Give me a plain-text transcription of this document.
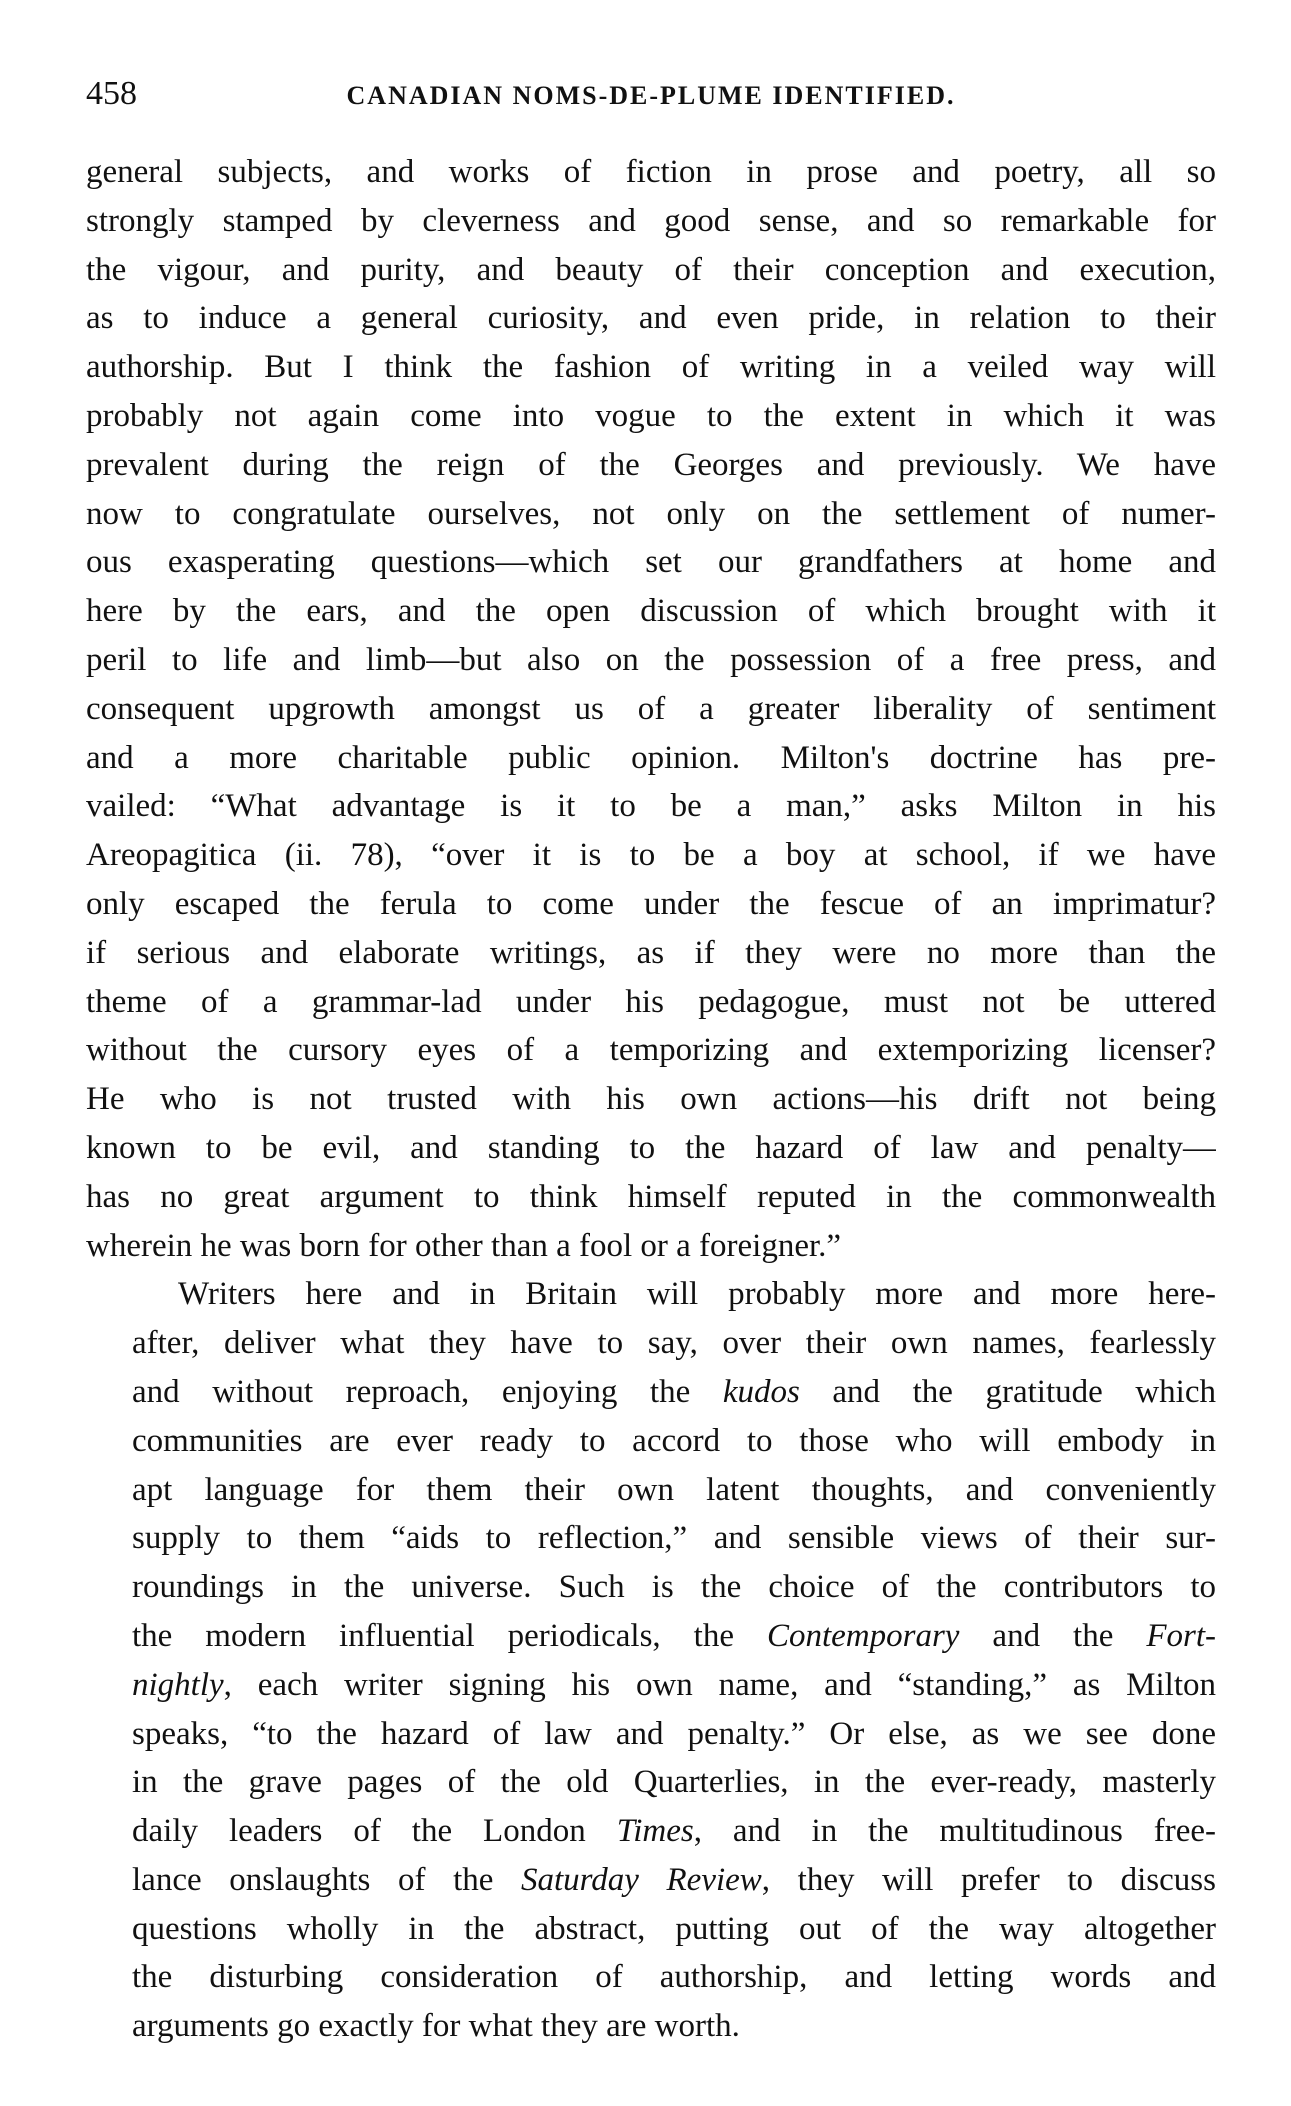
458	CANADIAN NOMS-DE-PLUME IDENTIFIED.
general subjects, and works of fiction in prose and poetry, all so
strongly stamped by cleverness and good sense, and so remarkable for
the vigour, and purity, and beauty of their conception and execution,
as to induce a general curiosity, and even pride, in relation to their
authorship. But I think the fashion of writing in a veiled way will
probably not again come into vogue to the extent in which it was
prevalent during the reign of the Georges and previously. We have
now to congratulate ourselves, not only on the settlement of numer-
ous exasperating questions—which set our grandfathers at home and
here by the ears, and the open discussion of which brought with it
peril to life and limb—but also on the possession of a free press, and
consequent upgrowth amongst us of a greater liberality of sentiment
and a more charitable public opinion. Milton's doctrine has pre-
vailed: “What advantage is it to be a man,” asks Milton in his
Areopagitica (ii. 78), “over it is to be a boy at school, if we have
only escaped the ferula to come under the fescue of an imprimatur?
if serious and elaborate writings, as if they were no more than the
theme of a grammar-lad under his pedagogue, must not be uttered
without the cursory eyes of a temporizing and extemporizing licenser?
He who is not trusted with his own actions—his drift not being
known to be evil, and standing to the hazard of law and penalty—
has no great argument to think himself reputed in the commonwealth
wherein he was born for other than a fool or a foreigner.”
Writers here and in Britain will probably more and more here-
after, deliver what they have to say, over their own names, fearlessly
and without reproach, enjoying the kudos and the gratitude which
communities are ever ready to accord to those who will embody in
apt language for them their own latent thoughts, and conveniently
supply to them “aids to reflection,” and sensible views of their sur-
roundings in the universe. Such is the choice of the contributors to
the modern influential periodicals, the Contemporary and the Fort-
nightly, each writer signing his own name, and “standing,” as Milton
speaks, “to the hazard of law and penalty.” Or else, as we see done
in the grave pages of the old Quarterlies, in the ever-ready, masterly
daily leaders of the London Times, and in the multitudinous free-
lance onslaughts of the Saturday Review, they will prefer to discuss
questions wholly in the abstract, putting out of the way altogether
the disturbing consideration of authorship, and letting words and
arguments go exactly for what they are worth.
